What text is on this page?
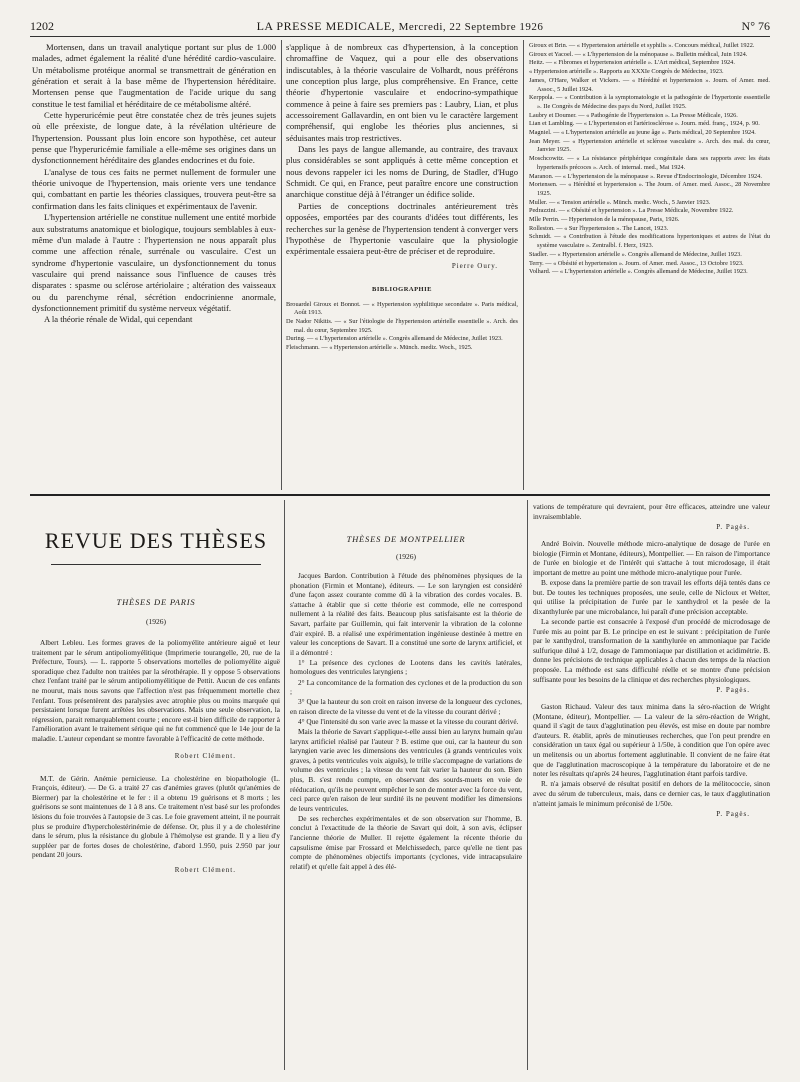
1202	LA PRESSE MEDICALE, Mercredi, 22 Septembre 1926	N° 76

Mortensen, dans un travail analytique portant sur plus de 1.000 malades, admet également la réalité d'une hérédité cardio-vasculaire. Un métabolisme protéique anormal se transmettrait de génération en génération et serait à la base même de l'hypertension héréditaire. Mortensen pense que l'augmentation de l'acide urique du sang constitue le test familial et héréditaire de ce métabolisme altéré.

Cette hyperuricémie peut être constatée chez de très jeunes sujets où elle préexiste, de longue date, à la révélation ultérieure de l'hypertension. Poussant plus loin encore son hypothèse, cet auteur pense que l'hyperuricémie familiale a elle-même ses origines dans un dysfonctionnement héréditaire des glandes endocrines et du foie.

L'analyse de tous ces faits ne permet nullement de formuler une théorie univoque de l'hypertension, mais oriente vers une tendance qui, combattant en partie les théories classiques, trouvera peut-être sa confirmation dans les faits cliniques et expérimentaux de l'avenir.

L'hypertension artérielle ne constitue nullement une entité morbide aux substratums anatomique et biologique, toujours semblables à eux-même d'un malade à l'autre : l'hypertension ne nous apparaît plus comme une affection rénale, surrénale ou vasculaire. C'est un syndrome d'hypertonie vasculaire, un dysfonctionnement du tonus vasculaire qui prend naissance sous l'influence de causes très disparates : spasme ou sclérose artériolaire ; altération des vaisseaux ou du parenchyme rénal, sécrétion endocrinienne anormale, dysfonctionnement primitif du système nerveux végétatif.

A la théorie rénale de Widal, qui cependant

s'applique à de nombreux cas d'hypertension, à la conception chromaffine de Vaquez, qui a pour elle des observations indiscutables, à la théorie vasculaire de Volhardt, nous préférons une conception plus large, plus compréhensive. En France, cette théorie d'hypertonie vasculaire et endocrino-sympathique commence à peine à faire ses premiers pas : Laubry, Lian, et plus accessoirement Gallavardin, en ont bien vu le caractère largement compréhensif, qui englobe les théories plus anciennes, si séduisantes mais trop restrictives.

Dans les pays de langue allemande, au contraire, des travaux plus considérables se sont appliqués à cette même conception et nous devons rappeler ici les noms de During, de Stadler, d'Hugo Schmidt. Ce qui, en France, peut paraître encore une construction anarchique constitue déjà à l'étranger un édifice solide.

Parties de conceptions doctrinales antérieurement très opposées, emportées par des courants d'idées tout différents, les recherches sur la genèse de l'hypertension tendent à converger vers l'hypothèse de l'hypertonie vasculaire que la physiologie expérimentale essaiera peut-être de préciser et de reproduire.

Pierre Oury.
BIBLIOGRAPHIE

Brouardel Giroux et Bonnot. — « Hypertension syphilitique secondaire ». Paris médical, Août 1913.

De Nador Nikitis. — « Sur l'étiologie de l'hypertension artérielle essentielle ». Arch. des mal. du cœur, Septembre 1925.

During. — « L'hypertension artérielle ». Congrès allemand de Médecine, Juillet 1923.

Fleischmann. — « Hypertension artérielle ». Münch. mediz. Woch., 1925.

Giroux et Brin. — « Hypertension artérielle et syphilis ». Concours médical, Juillet 1922.

Giroux et Yacoel. — « L'hypertension de la ménopause ». Bulletin médical, Juin 1924.

Heitz. — « Fibromes et hypertension artérielle ». L'Art médical, Septembre 1924.

« Hypertension artérielle ». Rapports au XXXIe Congrès de Médecine, 1923.

James, O'Hare, Walker et Vickers. — « Hérédité et hypertension ». Journ. of Amer. med. Assoc., 5 Juillet 1924.

Kerppola. — « Contribution à la symptomatologie et la pathogénie de l'hypertonie essentielle ». IIe Congrès de Médecine des pays du Nord, Juillet 1925.

Laubry et Doumer. — « Pathogénie de l'hypertension ». La Presse Médicale, 1926.

Lian et Lambling. — « L'hypertension et l'artériosclérose ». Journ. méd. franç., 1924, p. 90.

Magniel. — « L'hypertension artérielle au jeune âge ». Paris médical, 20 Septembre 1924.

Jean Meyer. — « Hypertension artérielle et sclérose vasculaire ». Arch. des mal. du cœur, Janvier 1925.

Moschcowitz. — « La résistance périphérique congénitale dans ses rapports avec les états hypertensifs précoces ». Arch. of internal. med., Mai 1924.

Maranon. — « L'hypertension de la ménopause ». Revue d'Endocrinologie, Décembre 1924.

Mortensen. — « Hérédité et hypertension ». The Journ. of Amer. med. Assoc., 28 Novembre 1925.

Muller. — « Tension artérielle ». Münch. medic. Woch., 5 Janvier 1923.

Pedrazzini. — « Obésité et hypertension ». La Presse Médicale, Novembre 1922.

Mlle Perrin. — Hypertension de la ménopause, Paris, 1926.

Rolleston. — « Sur l'hypertension ». The Lancet, 1923.

Schmidt. — « Contribution à l'étude des modifications hypertoniques et autres de l'état du système vasculaire ». Zentralbl. f. Herz, 1923.

Stadler. — « Hypertension artérielle ». Congrès allemand de Médecine, Juillet 1923.

Terry. — « Obésité et hypertension ». Journ. of Amer. med. Assoc., 13 Octobre 1923.

Volhard. — « L'hypertension artérielle ». Congrès allemand de Médecine, Juillet 1923.

REVUE DES THÈSES
THÈSES DE PARIS
(1926)

Albert Lebleu. Les formes graves de la poliomyélite antérieure aiguë et leur traitement par le sérum antipoliomyélitique (Imprimerie tourangelle, 20, rue de la Préfecture, Tours). — L. rapporte 5 observations mortelles de poliomyélite aiguë sporadique chez l'adulte non traitées par la sérothérapie. Il y oppose 5 observations chez l'enfant traité par le sérum antipoliomyélitique de Pettit. Aucun de ces enfants ne mourut, mais nous savons que l'affection n'est pas fréquemment mortelle chez l'enfant. Tous présentèrent des paralysies avec atrophie plus ou moins marquée qui persistaient lorsque furent arrêtées les observations. Mais une seule observation, la régression, parait remarquablement courte ; encore est-il bien difficile de rapporter à l'amélioration avant le traitement sérique qui ne fut commencé que le 14e jour de la maladie. L'auteur cependant se montre favorable à l'efficacité de cette méthode.

Robert Clément.

M.T. de Gérin. Anémie pernicieuse. La cholestérine en biopathologie (L. François, éditeur). — De G. a traité 27 cas d'anémies graves (plutôt qu'anémies de Biermer) par la cholestérine et le fer : il a obtenu 19 guérisons et 8 morts ; les guérisons se sont maintenues de 1 à 8 ans. Ce traitement n'est basé sur les profondes lésions du foie trouvées à l'autopsie de 3 cas. Le foie gravement atteint, il ne pourrait plus se produire d'hypercholestérinémie de défense. Or, plus il y a de cholestérine dans le sérum, plus la résistance du globule à l'hémolyse est grande. Il y a lieu d'y suppléer par de fortes doses de cholestérine, d'abord 1.950, puis 2.950 par jour pendant 20 jours.

Robert Clément.
THÈSES DE MONTPELLIER
(1926)

Jacques Bardon. Contribution à l'étude des phénomènes physiques de la phonation (Firmin et Montane), éditeurs. — Le son laryngien est considéré d'une façon assez courante comme dû à la vibration des cordes vocales. B. s'attache à établir que si cette théorie est commode, elle ne correspond nullement à la réalité des faits. Beaucoup plus satisfaisante est la théorie de Savart, parfaite par Guillemin, qui fait intervenir la vibration de la colonne d'air expiré. B. a réalisé une expérimentation ingénieuse destinée à mettre en valeur les conceptions de Savart. Il a constitué une sorte de larynx artificiel, et il a démontré :

1° La présence des cyclones de Lootens dans les cavités latérales, homologues des ventricules laryngiens ;

2° La concomitance de la formation des cyclones et de la production du son ;

3° Que la hauteur du son croit en raison inverse de la longueur des cyclones, en raison directe de la vitesse du vent et de la vitesse du courant dérivé ;

4° Que l'intensité du son varie avec la masse et la vitesse du courant dérivé.

Mais la théorie de Savart s'applique-t-elle aussi bien au larynx humain qu'au larynx artificiel réalisé par l'auteur ? B. estime que oui, car la hauteur du son laryngien varie avec les dimensions des ventricules (à grands ventricules voix graves, à petits ventricules voix aiguës), le trille s'accompagne de variations de volume des ventricules ; la vitesse du vent fait varier la hauteur du son. Bien plus, B. s'est rendu compte, en observant des sourds-muets en voie de rééducation, qu'ils ne peuvent empêcher le son de monter avec la force du vent, ceci parce qu'en raison de leur surdité ils ne peuvent modifier les dimensions de leurs ventricules.

De ses recherches expérimentales et de son observation sur l'homme, B. conclut à l'exactitude de la théorie de Savart qui doit, à son avis, éclipser l'ancienne théorie de Muller. Il rejette également la récente théorie du capsulisme émise par Frossard et Melchissedech, parce qu'elle ne tient pas compte de phénomènes objectifs importants (cyclones, vide intracapsulaire relatif) et qu'elle fait appel à des élé-

vations de température qui devraient, pour être efficaces, atteindre une valeur invraisemblable.

P. Pagès.

André Boivin. Nouvelle méthode micro-analytique de dosage de l'urée en biologie (Firmin et Montane, éditeurs), Montpellier. — En raison de l'importance de l'urée en biologie et de l'intérêt qui s'attache à tout microdosage, il était important de mettre au point une méthode micro-analytique pour l'urée.

B. expose dans la première partie de son travail les efforts déjà tentés dans ce but. De toutes les techniques proposées, une seule, celle de Nicloux et Welter, qui utilise la précipitation de l'urée par le xanthydrol et la pesée de la dixanthylurée par une microbalance, lui paraît d'une précision acceptable.

La seconde partie est consacrée à l'exposé d'un procédé de microdosage de l'urée mis au point par B. Le principe en est le suivant : précipitation de l'urée par le xanthydrol, transformation de la xanthylurée en ammoniaque par l'acide sulfurique dilué à 1/2, dosage de l'ammoniaque par distillation et acidimétrie. B. donne les précisions de technique applicables à chacun des temps de la réaction proposée. La méthode est sans difficulté réelle et se montre d'une précision suffisante pour les besoins de la clinique et des recherches physiologiques.

P. Pagès.

Gaston Richaud. Valeur des taux minima dans la séro-réaction de Wright (Montane, éditeur), Montpellier. — La valeur de la séro-réaction de Wright, quand il s'agit de taux d'agglutination peu élevés, est mise en doute par nombre d'auteurs. R. établit, après de minutieuses recherches, que l'on peut prendre en considération un taux égal ou supérieur à 1/50e, à condition que l'on opère avec un melitensis ou un abortus fortement agglutinable. Il convient de ne faire état que de l'agglutination macroscopique à la température du laboratoire et de ne noter les résultats qu'après 24 heures, l'agglutination étant parfois tardive.

R. n'a jamais observé de résultat positif en dehors de la mélitococcie, sinon avec du sérum de tuberculeux, mais, dans ce dernier cas, le taux d'agglutination n'atteint jamais le minimum préconisé de 1/50e.

P. Pagès.
